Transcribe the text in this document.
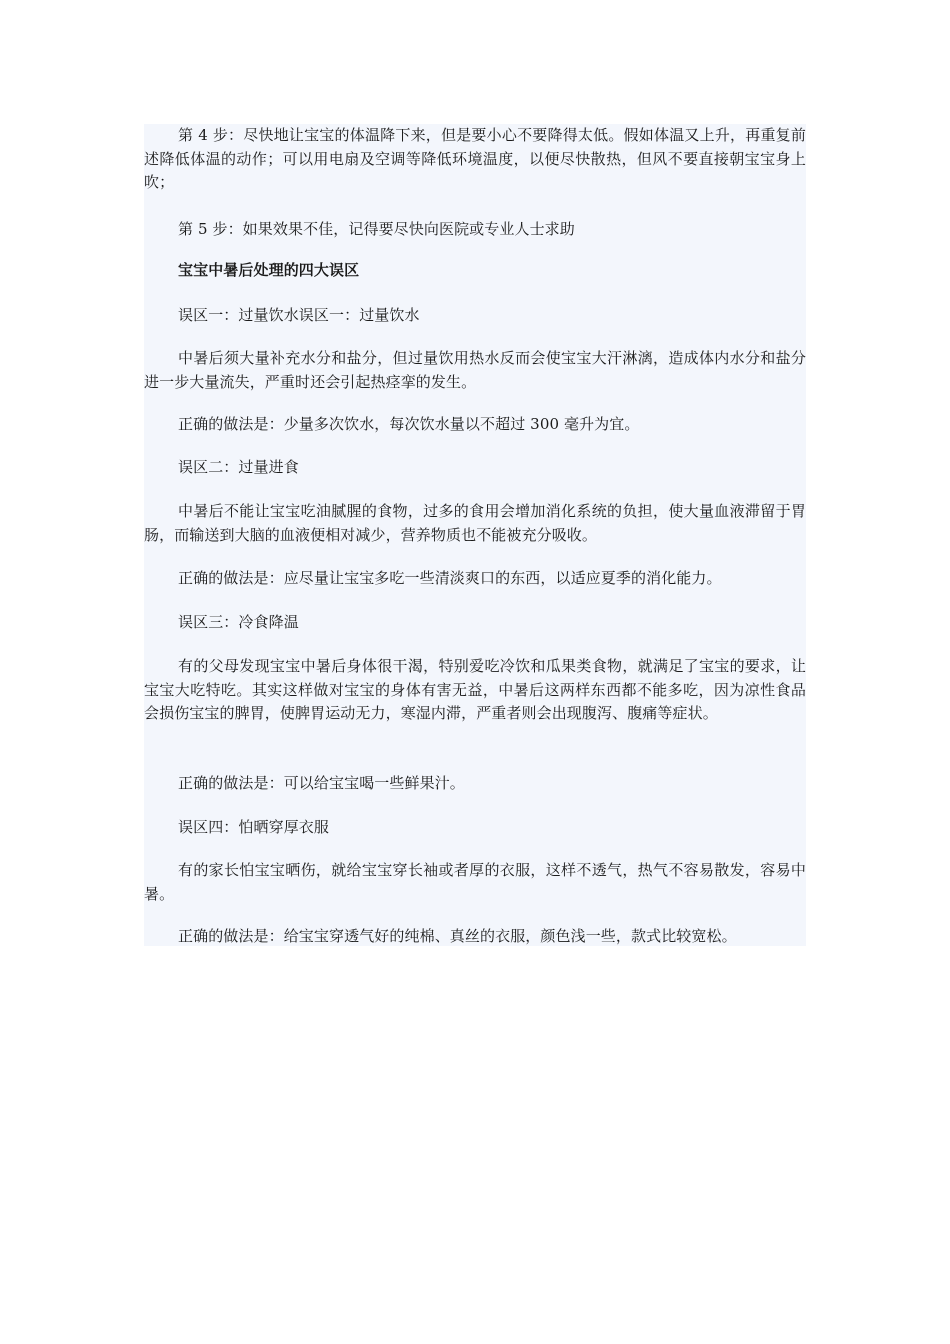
第 4 步：尽快地让宝宝的体温降下来，但是要小心不要降得太低。假如体温又上升，再重复前述降低体温的动作；可以用电扇及空调等降低环境温度，以便尽快散热，但风不要直接朝宝宝身上吹；

第 5 步：如果效果不佳，记得要尽快向医院或专业人士求助

宝宝中暑后处理的四大误区

误区一：过量饮水误区一：过量饮水

中暑后须大量补充水分和盐分，但过量饮用热水反而会使宝宝大汗淋漓，造成体内水分和盐分进一步大量流失，严重时还会引起热痉挛的发生。

正确的做法是：少量多次饮水，每次饮水量以不超过 300 毫升为宜。

误区二：过量进食

中暑后不能让宝宝吃油腻腥的食物，过多的食用会增加消化系统的负担，使大量血液滞留于胃肠，而输送到大脑的血液便相对减少，营养物质也不能被充分吸收。

正确的做法是：应尽量让宝宝多吃一些清淡爽口的东西，以适应夏季的消化能力。

误区三：冷食降温

有的父母发现宝宝中暑后身体很干渴，特别爱吃冷饮和瓜果类食物，就满足了宝宝的要求，让宝宝大吃特吃。其实这样做对宝宝的身体有害无益，中暑后这两样东西都不能多吃，因为凉性食品会损伤宝宝的脾胃，使脾胃运动无力，寒湿内滞，严重者则会出现腹泻、腹痛等症状。

正确的做法是：可以给宝宝喝一些鲜果汁。

误区四：怕晒穿厚衣服

有的家长怕宝宝晒伤，就给宝宝穿长袖或者厚的衣服，这样不透气，热气不容易散发，容易中暑。

正确的做法是：给宝宝穿透气好的纯棉、真丝的衣服，颜色浅一些，款式比较宽松。
